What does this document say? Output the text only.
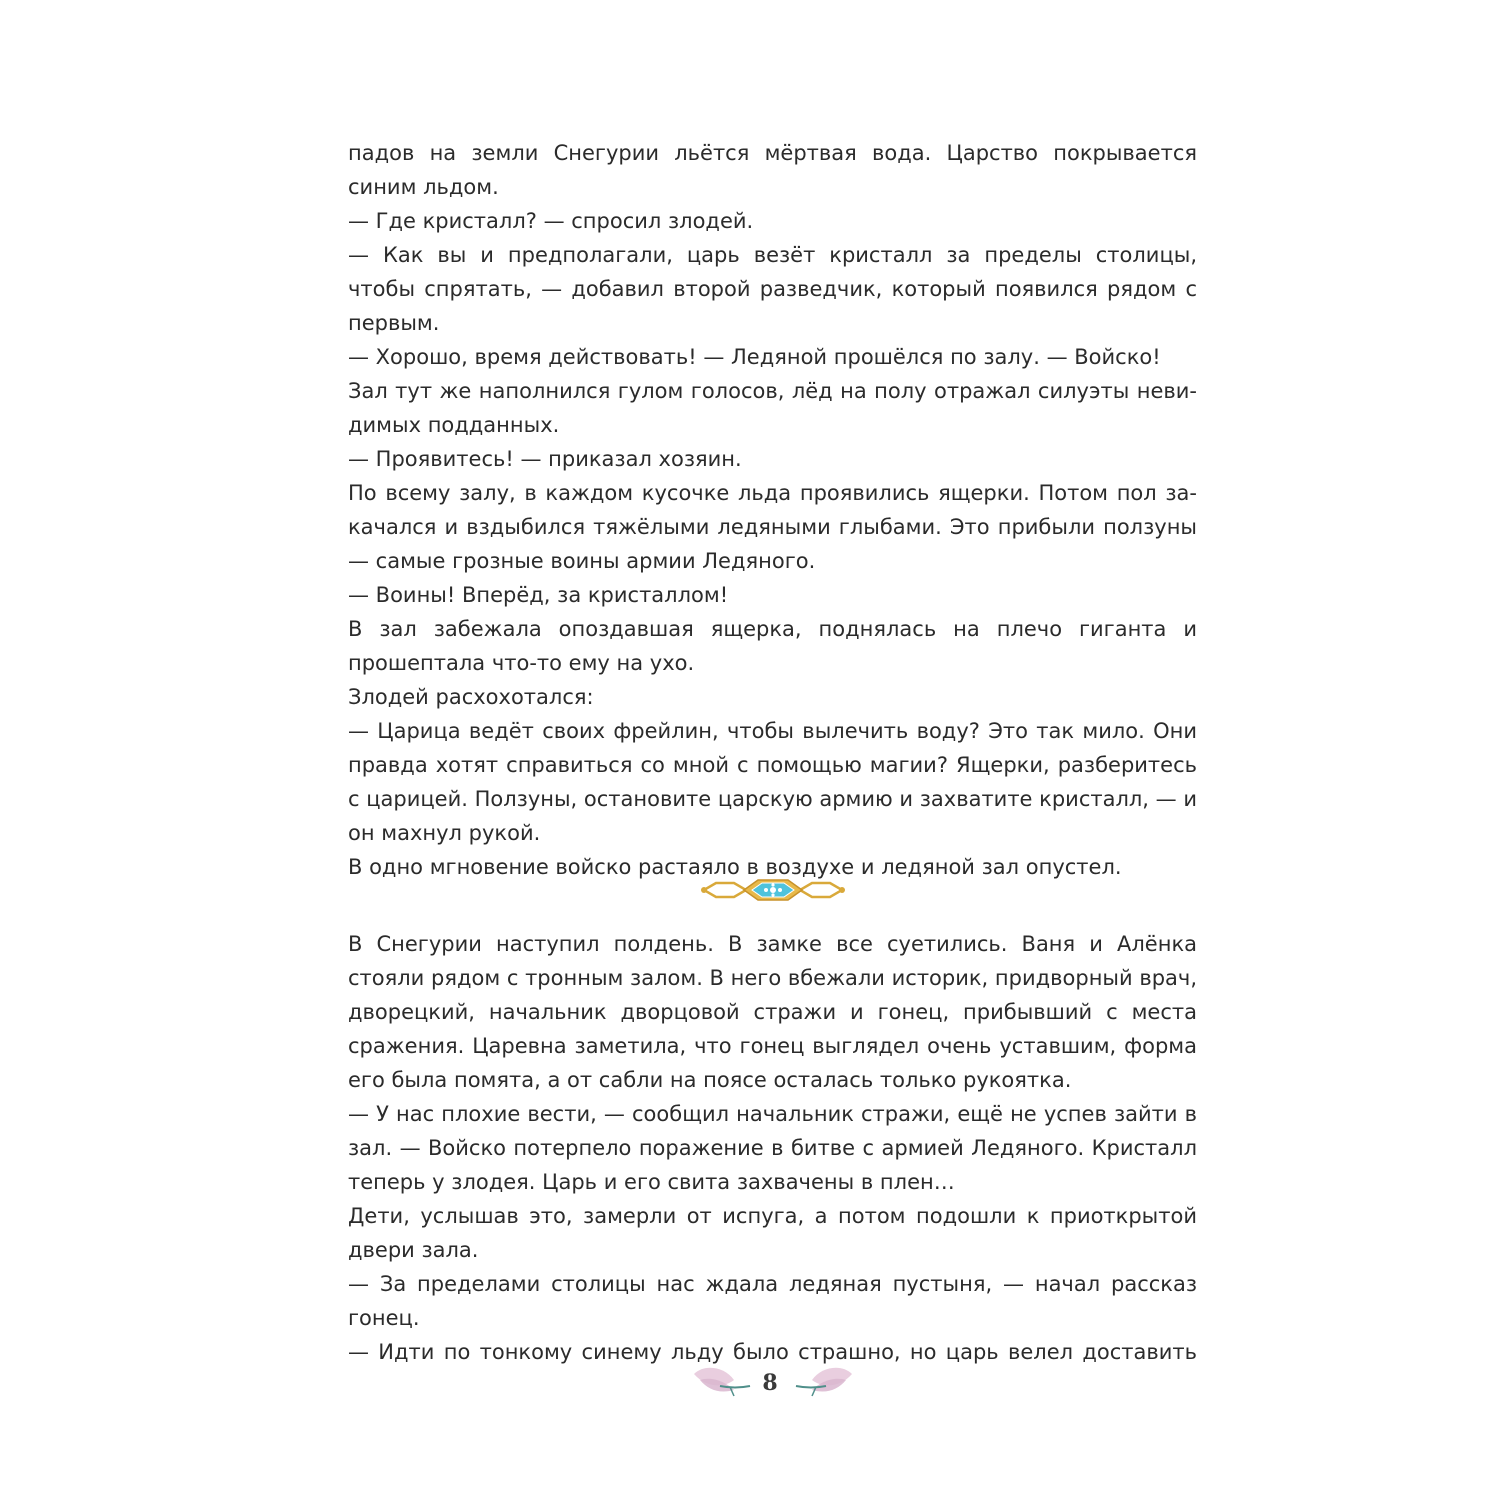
падов на земли Снегурии льётся мёртвая вода. Царство покрывается синим льдом.

— Где кристалл? — спросил злодей.

— Как вы и предполагали, царь везёт кристалл за пределы столицы, чтобы спрятать, — добавил второй разведчик, который появился рядом с первым.

— Хорошо, время действовать! — Ледяной прошёлся по залу. — Войско!

Зал тут же наполнился гулом голосов, лёд на полу отражал силуэты невидимых подданных.

— Проявитесь! — приказал хозяин.

По всему залу, в каждом кусочке льда проявились ящерки. Потом пол закачался и вздыбился тяжёлыми ледяными глыбами. Это прибыли ползуны — самые грозные воины армии Ледяного.

— Воины! Вперёд, за кристаллом!

В зал забежала опоздавшая ящерка, поднялась на плечо гиганта и прошептала что-то ему на ухо.

Злодей расхохотался:

— Царица ведёт своих фрейлин, чтобы вылечить воду? Это так мило. Они правда хотят справиться со мной с помощью магии? Ящерки, разберитесь с царицей. Ползуны, остановите царскую армию и захватите кристалл, — и он махнул рукой.

В одно мгновение войско растаяло в воздухе и ледяной зал опустел.

В Снегурии наступил полдень. В замке все суетились. Ваня и Алёнка стояли рядом с тронным залом. В него вбежали историк, придворный врач, дворецкий, начальник дворцовой стражи и гонец, прибывший с места сражения. Царевна заметила, что гонец выглядел очень уставшим, форма его была помята, а от сабли на поясе осталась только рукоятка.

— У нас плохие вести, — сообщил начальник стражи, ещё не успев зайти в зал. — Войско потерпело поражение в битве с армией Ледяного. Кристалл теперь у злодея. Царь и его свита захвачены в плен…

Дети, услышав это, замерли от испуга, а потом подошли к приоткрытой двери зала.

— За пределами столицы нас ждала ледяная пустыня, — начал рассказ гонец.

— Идти по тонкому синему льду было страшно, но царь велел доставить

8
